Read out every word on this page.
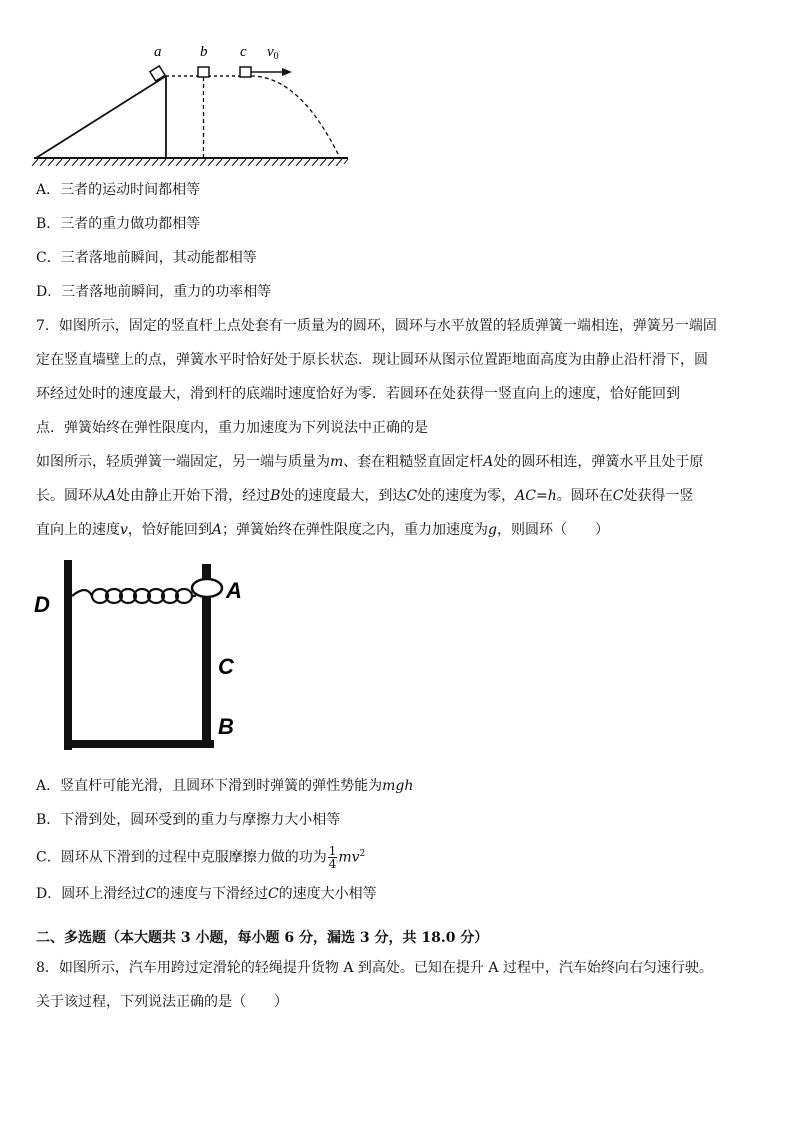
a	b c $v_0$
A．三者的运动时间都相等
B．三者的重力做功都相等
C．三者落地前瞬间，其动能都相等
D．三者落地前瞬间，重力的功率相等
7．如图所示，固定的竖直杆上点处套有一质量为的圆环，圆环与水平放置的轻质弹簧一端相连，弹簧另一端固
定在竖直墙壁上的点，弹簧水平时恰好处于原长状态．现让圆环从图示位置距地面高度为由静止沿杆滑下，圆
环经过处时的速度最大，滑到杆的底端时速度恰好为零．若圆环在处获得一竖直向上的速度，恰好能回到
点．弹簧始终在弹性限度内，重力加速度为下列说法中正确的是
如图所示，轻质弹簧一端固定，另一端与质量为m、套在粗糙竖直固定杆A处的圆环相连，弹簧水平且处于原
长。圆环从A处由静止开始下滑，经过B处的速度最大，到达C处的速度为零，AC=h。圆环在C处获得一竖
直向上的速度v，恰好能回到A；弹簧始终在弹性限度之内，重力加速度为g，则圆环（　　）
D
A
C
B
A．竖直杆可能光滑，且圆环下滑到时弹簧的弹性势能为mgh
B．下滑到处，圆环受到的重力与摩擦力大小相等
C．圆环从下滑到的过程中克服摩擦力做的功为 $\frac{1}{4} mv^2$
D．圆环上滑经过C的速度与下滑经过C的速度大小相等
二、多选题（本大题共 3 小题，每小题 6 分，漏选 3 分，共 18.0 分）
8．如图所示，汽车用跨过定滑轮的轻绳提升货物 A 到高处。已知在提升 A 过程中，汽车始终向右匀速行驶。
关于该过程，下列说法正确的是（　　）
